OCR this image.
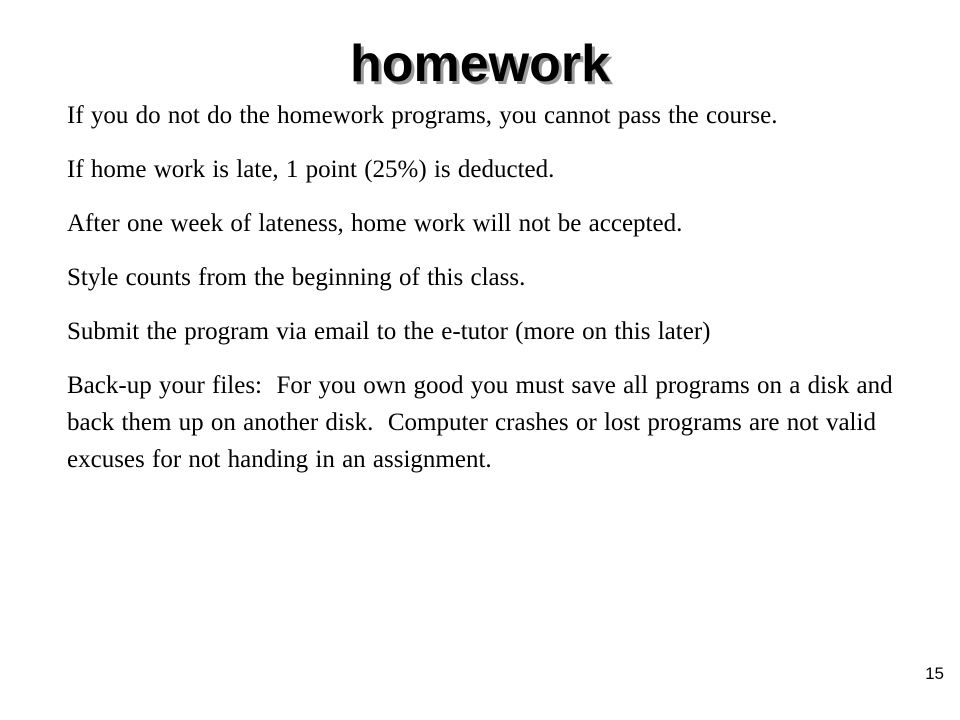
homework

If you do not do the homework programs, you cannot pass the course.

If home work is late, 1 point (25%) is deducted.

After one week of lateness, home work will not be accepted.

Style counts from the beginning of this class.

Submit the program via email to the e-tutor (more on this later)

Back-up your files:  For you own good you must save all programs on a disk and back them up on another disk.  Computer crashes or lost programs are not valid excuses for not handing in an assignment.

15
